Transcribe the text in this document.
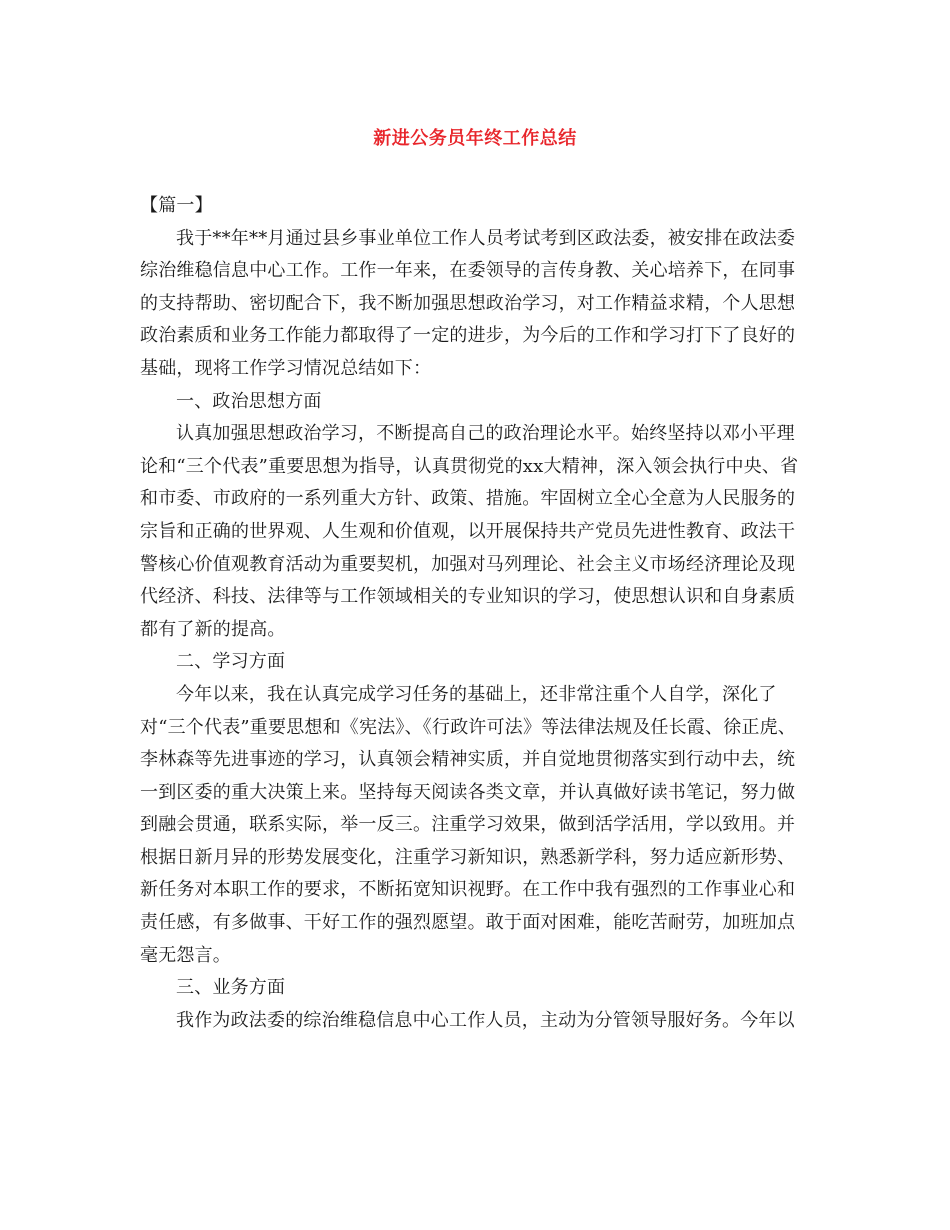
新进公务员年终工作总结

【篇一】

我于**年**月通过县乡事业单位工作人员考试考到区政法委，被安排在政法委综治维稳信息中心工作。工作一年来，在委领导的言传身教、关心培养下，在同事的支持帮助、密切配合下，我不断加强思想政治学习，对工作精益求精，个人思想政治素质和业务工作能力都取得了一定的进步，为今后的工作和学习打下了良好的基础，现将工作学习情况总结如下：

一、政治思想方面

认真加强思想政治学习，不断提高自己的政治理论水平。始终坚持以邓小平理论和“三个代表”重要思想为指导，认真贯彻党的xx大精神，深入领会执行中央、省和市委、市政府的一系列重大方针、政策、措施。牢固树立全心全意为人民服务的宗旨和正确的世界观、人生观和价值观，以开展保持共产党员先进性教育、政法干警核心价值观教育活动为重要契机，加强对马列理论、社会主义市场经济理论及现代经济、科技、法律等与工作领域相关的专业知识的学习，使思想认识和自身素质都有了新的提高。

二、学习方面

今年以来，我在认真完成学习任务的基础上，还非常注重个人自学，深化了对“三个代表”重要思想和《宪法》、《行政许可法》等法律法规及任长霞、徐正虎、李林森等先进事迹的学习，认真领会精神实质，并自觉地贯彻落实到行动中去，统一到区委的重大决策上来。坚持每天阅读各类文章，并认真做好读书笔记，努力做到融会贯通，联系实际，举一反三。注重学习效果，做到活学活用，学以致用。并根据日新月异的形势发展变化，注重学习新知识，熟悉新学科，努力适应新形势、新任务对本职工作的要求，不断拓宽知识视野。在工作中我有强烈的工作事业心和责任感，有多做事、干好工作的强烈愿望。敢于面对困难，能吃苦耐劳，加班加点毫无怨言。

三、业务方面

我作为政法委的综治维稳信息中心工作人员，主动为分管领导服好务。今年以
